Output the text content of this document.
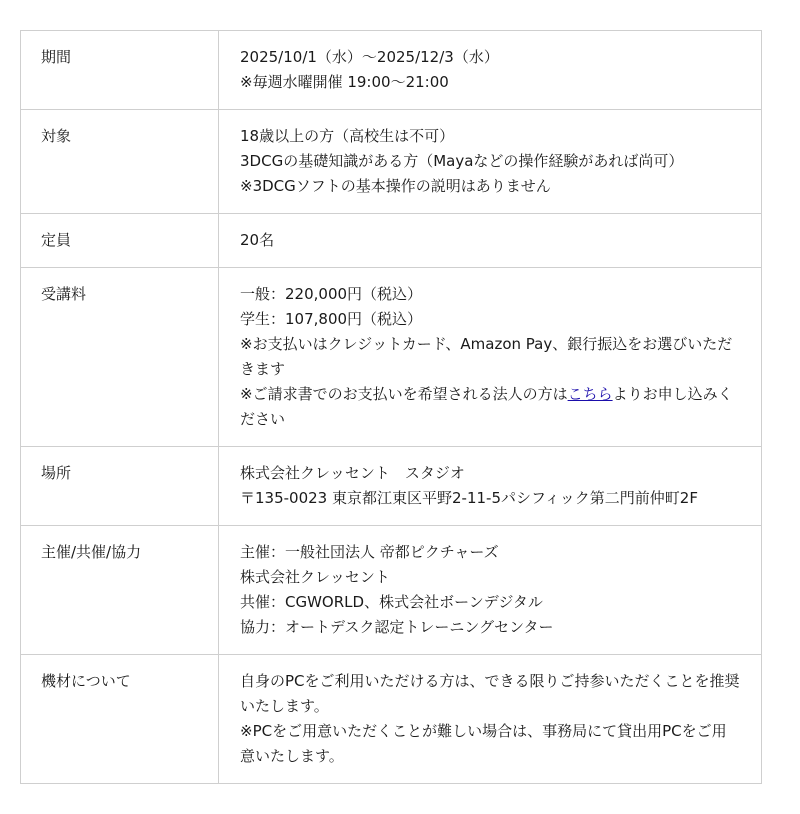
期間	2025/10/1（水）〜2025/12/3（水）
※毎週水曜開催 19:00〜21:00

対象	18歳以上の方（高校生は不可）
3DCGの基礎知識がある方（Mayaなどの操作経験があれば尚可）
※3DCGソフトの基本操作の説明はありません

定員	20名

受講料	一般：220,000円（税込）
学生：107,800円（税込）
※お支払いはクレジットカード、Amazon Pay、銀行振込をお選びいただきます
※ご請求書でのお支払いを希望される法人の方はこちらよりお申し込みください

場所	株式会社クレッセント　スタジオ
〒135-0023 東京都江東区平野2-11-5パシフィック第二門前仲町2F

主催/共催/協力	主催：一般社団法人 帝都ピクチャーズ
株式会社クレッセント
共催：CGWORLD、株式会社ボーンデジタル
協力：オートデスク認定トレーニングセンター

機材について	自身のPCをご利用いただける方は、できる限りご持参いただくことを推奨いたします。
※PCをご用意いただくことが難しい場合は、事務局にて貸出用PCをご用意いたします。
